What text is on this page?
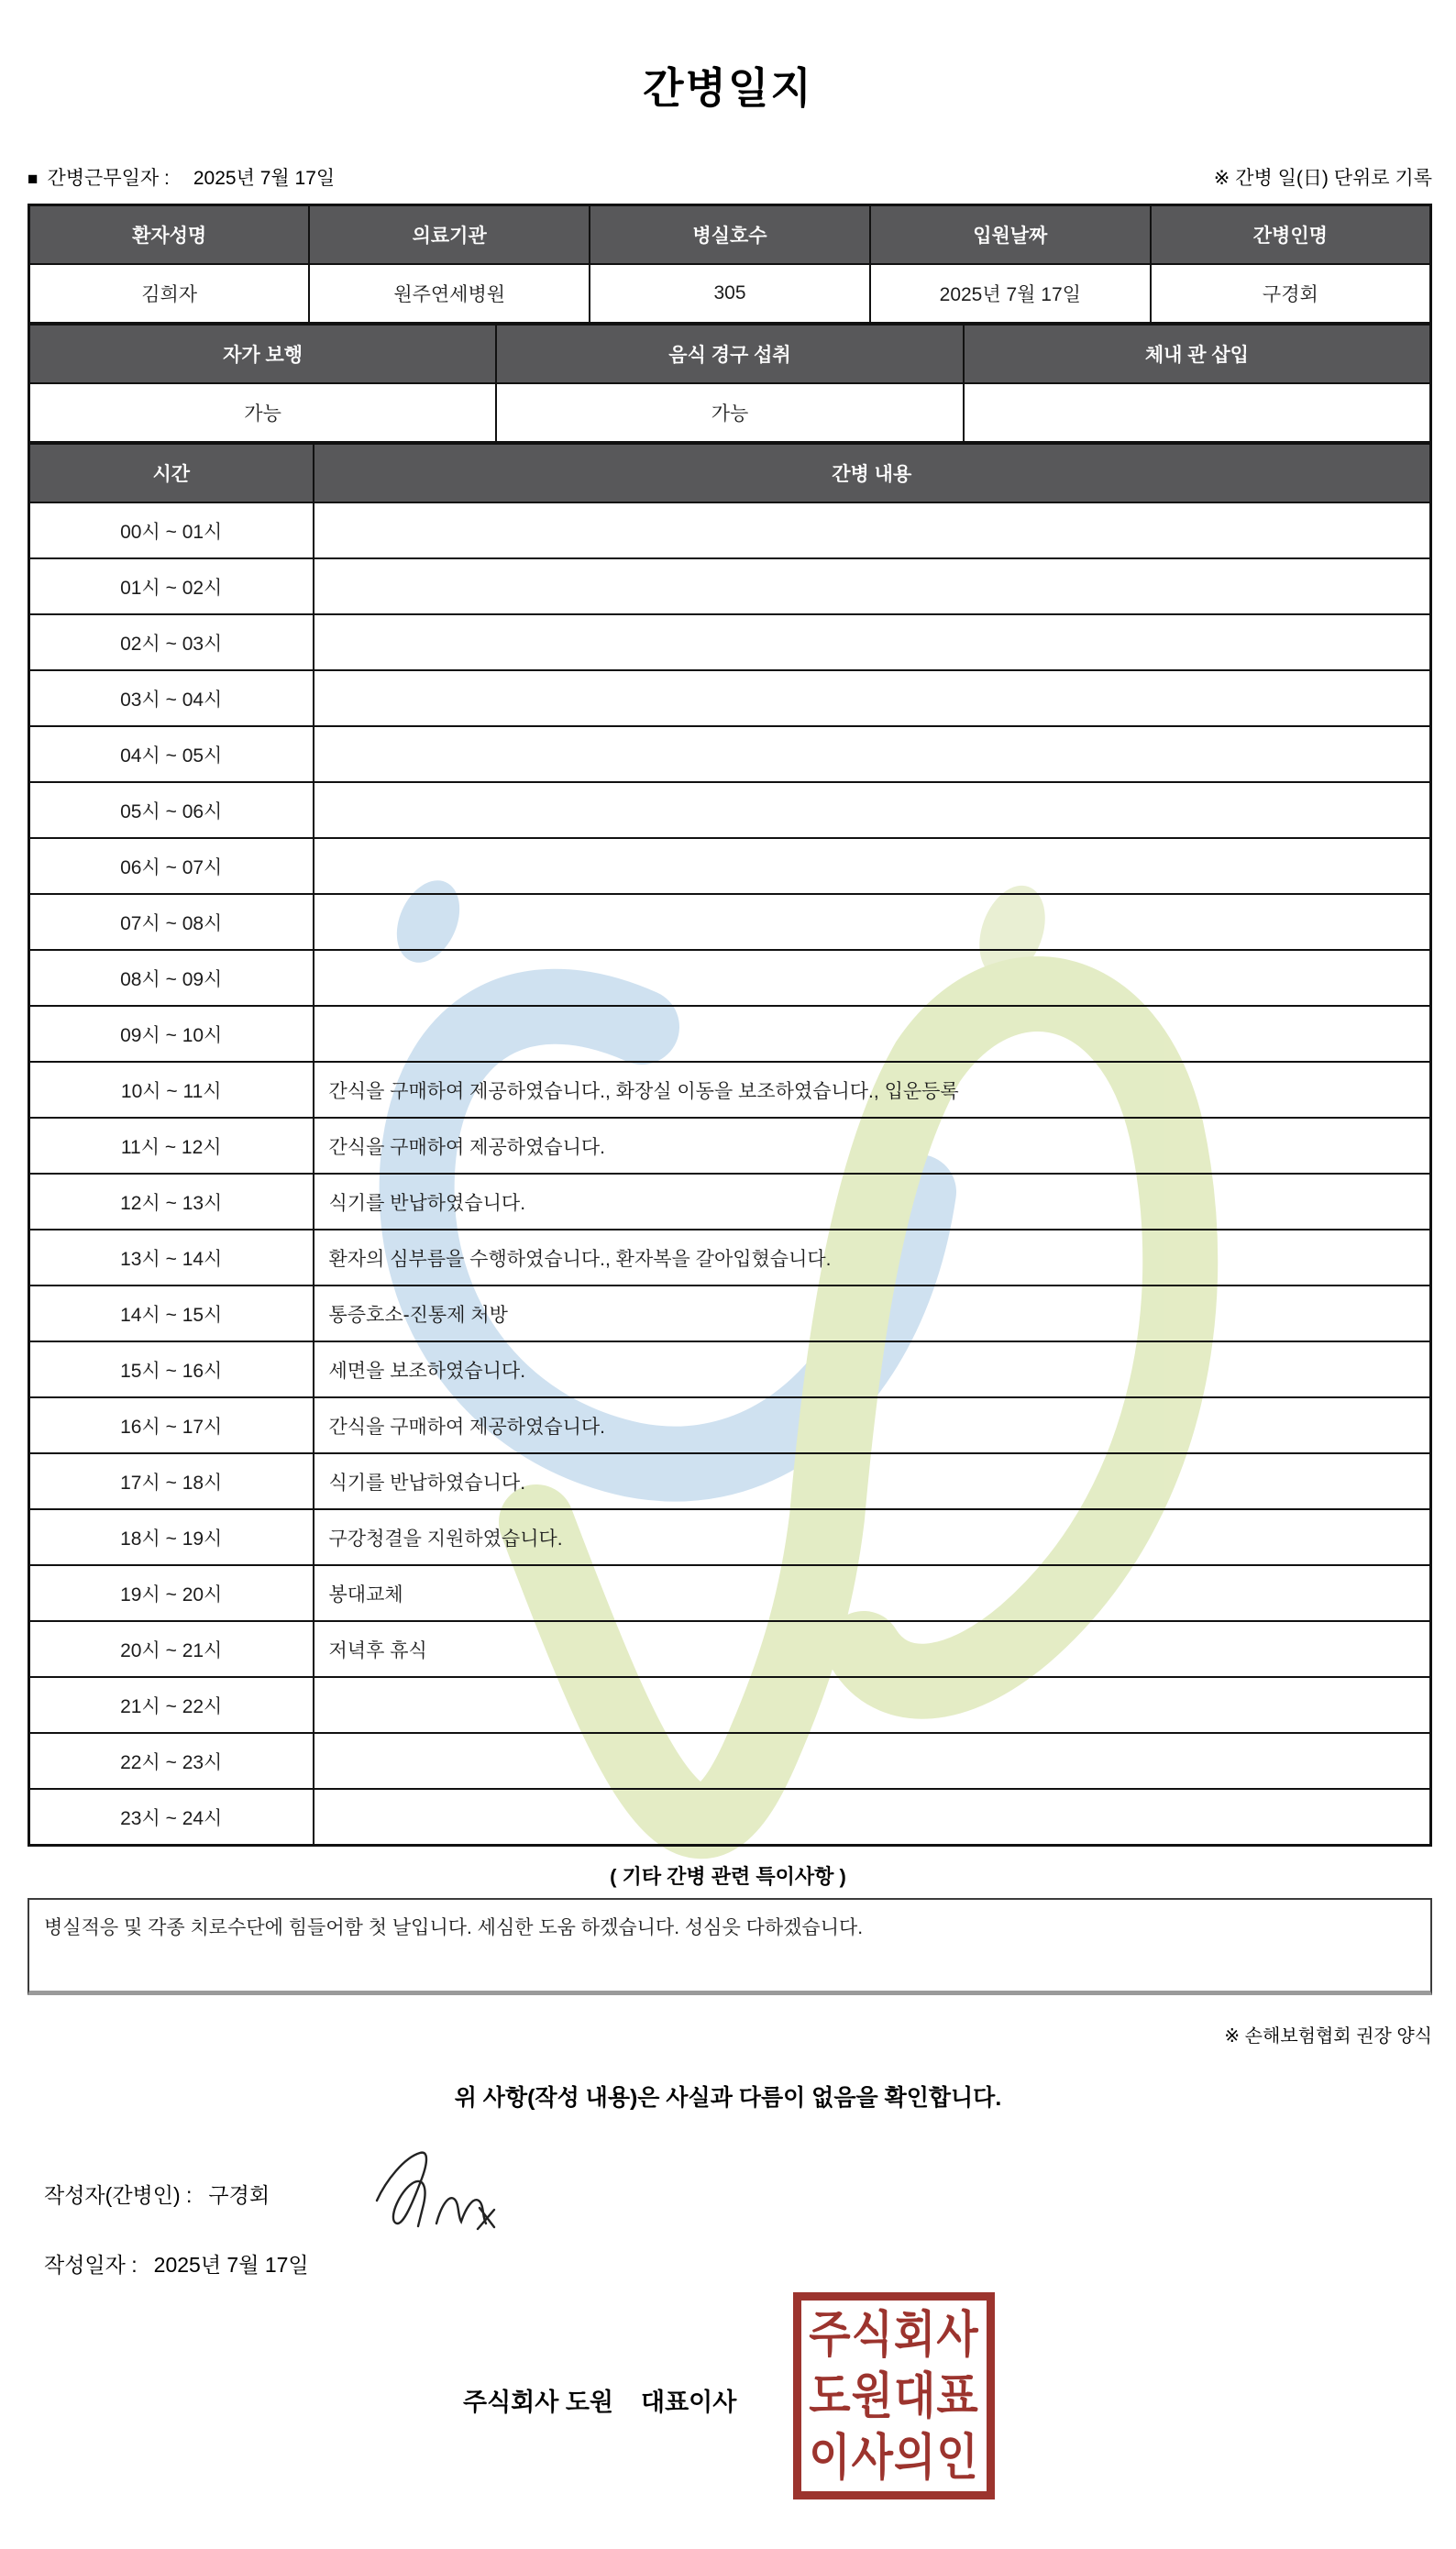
간병일지
■ 간병근무일자 : 2025년 7월 17일	※ 간병 일(日) 단위로 기록
환자성명	의료기관	병실호수	입원날짜	간병인명
김희자	원주연세병원	305	2025년 7월 17일	구경회
자가 보행	음식 경구 섭취	체내 관 삽입
가능	가능	
시간	간병 내용
00시 ~ 01시	
01시 ~ 02시	
02시 ~ 03시	
03시 ~ 04시	
04시 ~ 05시	
05시 ~ 06시	
06시 ~ 07시	
07시 ~ 08시	
08시 ~ 09시	
09시 ~ 10시	
10시 ~ 11시	간식을 구매하여 제공하였습니다., 화장실 이동을 보조하였습니다., 입운등록
11시 ~ 12시	간식을 구매하여 제공하였습니다.
12시 ~ 13시	식기를 반납하였습니다.
13시 ~ 14시	환자의 심부름을 수행하였습니다., 환자복을 갈아입혔습니다.
14시 ~ 15시	통증호소-진통제 처방
15시 ~ 16시	세면을 보조하였습니다.
16시 ~ 17시	간식을 구매하여 제공하였습니다.
17시 ~ 18시	식기를 반납하였습니다.
18시 ~ 19시	구강청결을 지원하였습니다.
19시 ~ 20시	봉대교체
20시 ~ 21시	저녁후 휴식
21시 ~ 22시	
22시 ~ 23시	
23시 ~ 24시	
( 기타 간병 관련 특이사항 )
병실적응 및 각종 치로수단에 힘들어함 첫 날입니다. 세심한 도움 하겠습니다. 성심읏 다하겠습니다.
※ 손해보험협회 권장 양식
위 사항(작성 내용)은 사실과 다름이 없음을 확인합니다.
작성자(간병인) : 구경회
작성일자 : 2025년 7월 17일
주식회사 도원    대표이사
주식회사
도원대표
이사의인
